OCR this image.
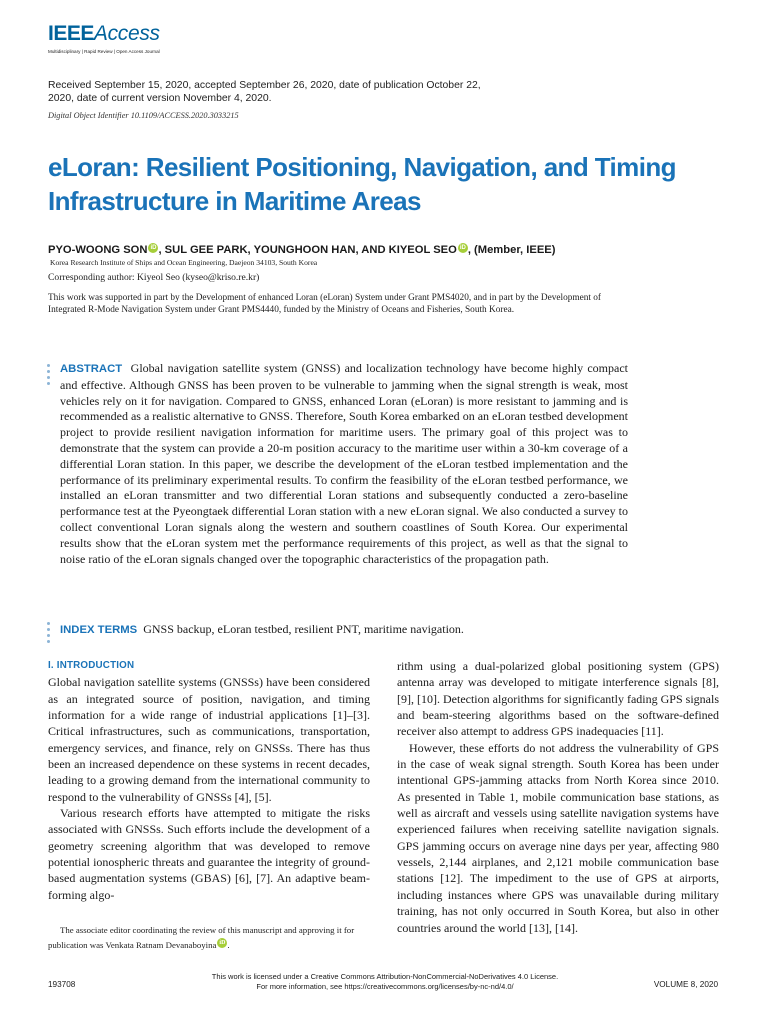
IEEEAccess
Multidisciplinary | Rapid Review | Open Access Journal
Received September 15, 2020, accepted September 26, 2020, date of publication October 22, 2020, date of current version November 4, 2020.
Digital Object Identifier 10.1109/ACCESS.2020.3033215
eLoran: Resilient Positioning, Navigation, and Timing Infrastructure in Maritime Areas
PYO-WOONG SON iD , SUL GEE PARK, YOUNGHOON HAN, AND KIYEOL SEO iD , (Member, IEEE)
Korea Research Institute of Ships and Ocean Engineering, Daejeon 34103, South Korea
Corresponding author: Kiyeol Seo (kyseo@kriso.re.kr)
This work was supported in part by the Development of enhanced Loran (eLoran) System under Grant PMS4020, and in part by the Development of Integrated R-Mode Navigation System under Grant PMS4440, funded by the Ministry of Oceans and Fisheries, South Korea.
ABSTRACT Global navigation satellite system (GNSS) and localization technology have become highly compact and effective. Although GNSS has been proven to be vulnerable to jamming when the signal strength is weak, most vehicles rely on it for navigation. Compared to GNSS, enhanced Loran (eLoran) is more resistant to jamming and is recommended as a realistic alternative to GNSS. Therefore, South Korea embarked on an eLoran testbed development project to provide resilient navigation information for maritime users. The primary goal of this project was to demonstrate that the system can provide a 20-m position accuracy to the maritime user within a 30-km coverage of a differential Loran station. In this paper, we describe the development of the eLoran testbed implementation and the performance of its preliminary experimental results. To confirm the feasibility of the eLoran testbed performance, we installed an eLoran transmitter and two differential Loran stations and subsequently conducted a zero-baseline performance test at the Pyeongtaek differential Loran station with a new eLoran signal. We also conducted a survey to collect conventional Loran signals along the western and southern coastlines of South Korea. Our experimental results show that the eLoran system met the performance requirements of this project, as well as that the signal to noise ratio of the eLoran signals changed over the topographic characteristics of the propagation path.
INDEX TERMS GNSS backup, eLoran testbed, resilient PNT, maritime navigation.
I. INTRODUCTION

Global navigation satellite systems (GNSSs) have been considered as an integrated source of position, navigation, and timing information for a wide range of industrial applications [1]–[3]. Critical infrastructures, such as communications, transportation, emergency services, and finance, rely on GNSSs. There has thus been an increased dependence on these systems in recent decades, leading to a growing demand from the international community to respond to the vulnerability of GNSSs [4], [5].

Various research efforts have attempted to mitigate the risks associated with GNSSs. Such efforts include the development of a geometry screening algorithm that was developed to remove potential ionospheric threats and guarantee the integrity of ground-based augmentation systems (GBAS) [6], [7]. An adaptive beam-forming algo-

rithm using a dual-polarized global positioning system (GPS) antenna array was developed to mitigate interference signals [8], [9], [10]. Detection algorithms for significantly fading GPS signals and beam-steering algorithms based on the software-defined receiver also attempt to address GPS inadequacies [11].

However, these efforts do not address the vulnerability of GPS in the case of weak signal strength. South Korea has been under intentional GPS-jamming attacks from North Korea since 2010. As presented in Table 1, mobile communication base stations, as well as aircraft and vessels using satellite navigation systems have experienced failures when receiving satellite navigation signals. GPS jamming occurs on average nine days per year, affecting 980 vessels, 2,144 airplanes, and 2,121 mobile communication base stations [12]. The impediment to the use of GPS at airports, including instances where GPS was unavailable during military training, has not only occurred in South Korea, but also in other countries around the world [13], [14].

The associate editor coordinating the review of this manuscript and approving it for publication was Venkata Ratnam Devanaboyina iD .
This work is licensed under a Creative Commons Attribution-NonCommercial-NoDerivatives 4.0 License.
For more information, see https://creativecommons.org/licenses/by-nc-nd/4.0/
193708	VOLUME 8, 2020
